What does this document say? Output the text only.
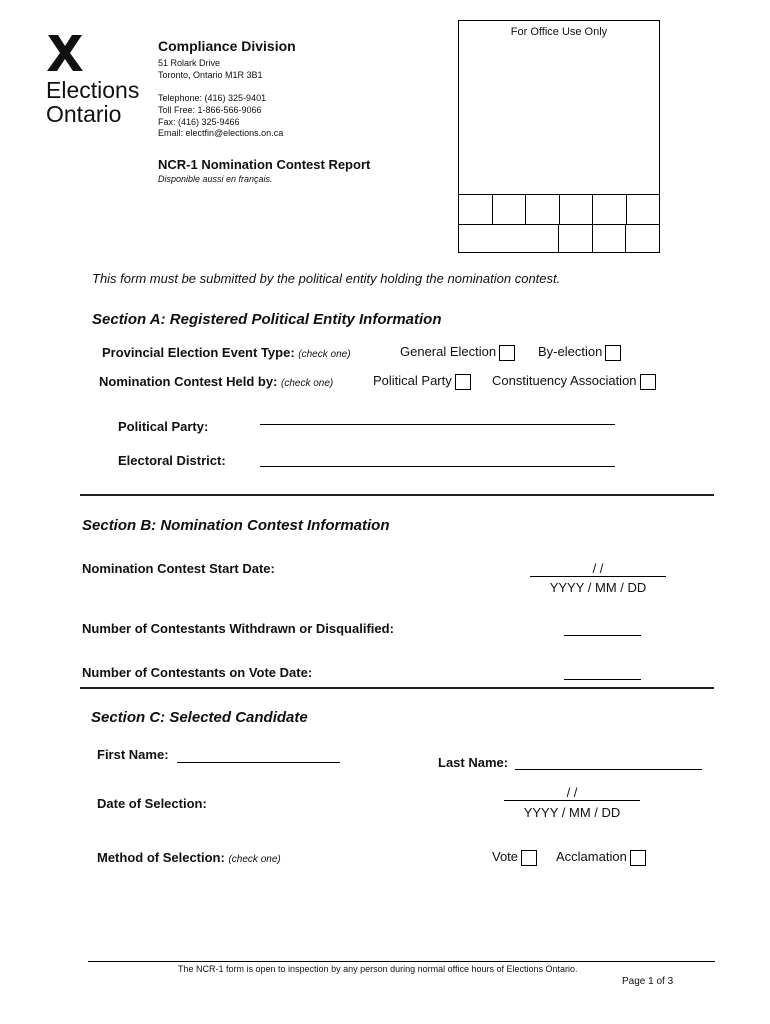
Elections
Ontario
Compliance Division
51 Rolark Drive
Toronto, Ontario M1R 3B1
Telephone: (416) 325-9401
Toll Free: 1-866-566-9066
Fax: (416) 325-9466
Email: electfin@elections.on.ca
NCR-1 Nomination Contest Report
Disponible aussi en français.
For Office Use Only
This form must be submitted by the political entity holding the nomination contest.
Section A: Registered Political Entity Information
Provincial Election Event Type: (check one)	General Election	By-election
Nomination Contest Held by: (check one)	Political Party	Constituency Association
Political Party:
Electoral District:
Section B: Nomination Contest Information
Nomination Contest Start Date:	/ /
YYYY / MM / DD
Number of Contestants Withdrawn or Disqualified:
Number of Contestants on Vote Date:
Section C: Selected Candidate
First Name:
Last Name:
Date of Selection:
/ /
YYYY / MM / DD
Method of Selection: (check one)	Vote	Acclamation
The NCR-1 form is open to inspection by any person during normal office hours of Elections Ontario.
Page 1 of 3
